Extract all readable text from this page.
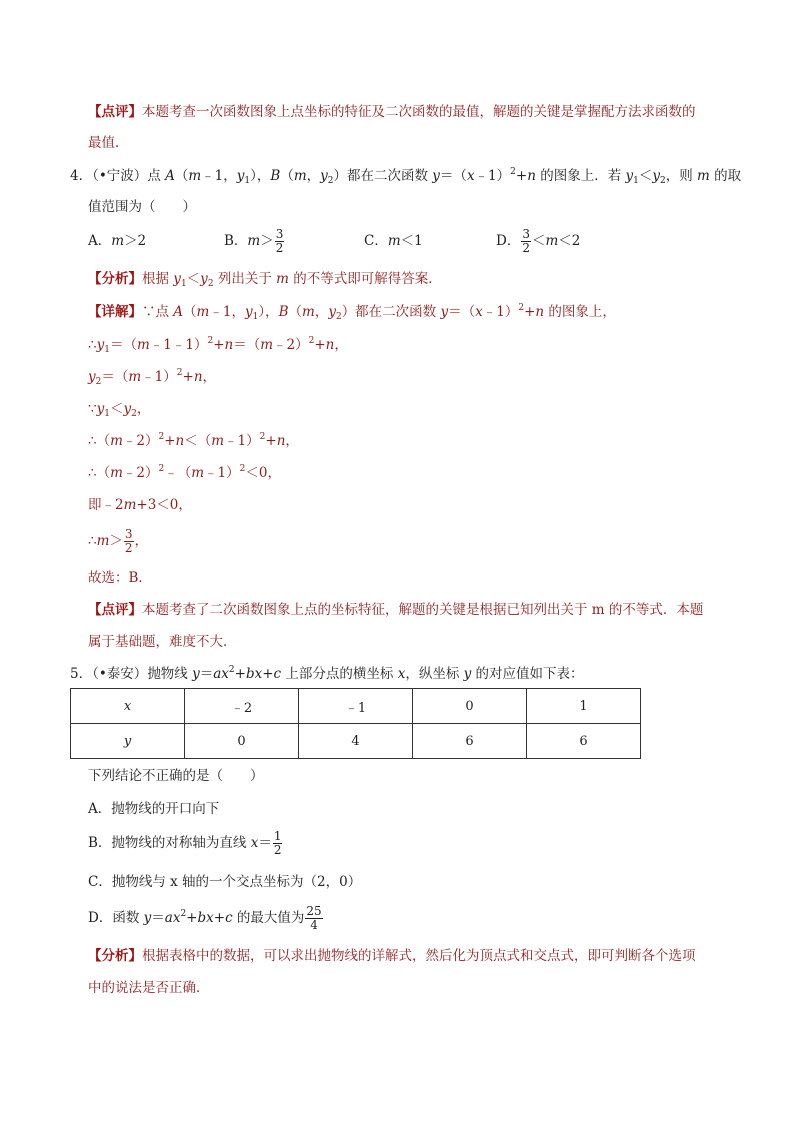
【点评】本题考查一次函数图象上点坐标的特征及二次函数的最值，解题的关键是掌握配方法求函数的
最值．
4．（•宁波）点 A（m﹣1，$y_1$），B（m，$y_2$）都在二次函数 y＝（x﹣1）$^2$+n 的图象上．若 $y_1<y_2$，则 m 的取
值范围为（　　）
A．m＞2	B．$m> \frac{3}{2}$	C．m＜1	D． $\frac{3}{2} <m<2$
【分析】根据 $y_1<y_2$ 列出关于 m 的不等式即可解得答案．
【详解】∵点 A（m﹣1，$y_1$），B（m，$y_2$）都在二次函数 y＝（x﹣1）$^2$+n 的图象上，
$\therefore y_1=(m﹣1﹣1)^2+n=(m﹣2)^2+n$，
$y_2=(m﹣1)^2+n$，
$\because y_1<y_2$，
∴（m﹣2）$^2$+n＜（m﹣1）$^2$+n，
∴（m﹣2）$^2$﹣（m﹣1）$^2$＜0，
即﹣2m+3＜0，
∴m＞ $\frac{3}{2}$ ，
故选：B．
【点评】本题考查了二次函数图象上点的坐标特征，解题的关键是根据已知列出关于 m 的不等式．本题
属于基础题，难度不大．
5．（•泰安）抛物线 $y=ax^2+bx+c$ 上部分点的横坐标 x，纵坐标 y 的对应值如下表：
x	﹣2	﹣1	0	1
y	0	4	6	6
下列结论不正确的是（　　）
A．抛物线的开口向下
B．抛物线的对称轴为直线 $x= \frac{1}{2}$
C．抛物线与 x 轴的一个交点坐标为（2，0）
D．函数 $y=ax^2+bx+c$ 的最大值为 $\frac{25}{4}$
【分析】根据表格中的数据，可以求出抛物线的详解式，然后化为顶点式和交点式，即可判断各个选项
中的说法是否正确．
